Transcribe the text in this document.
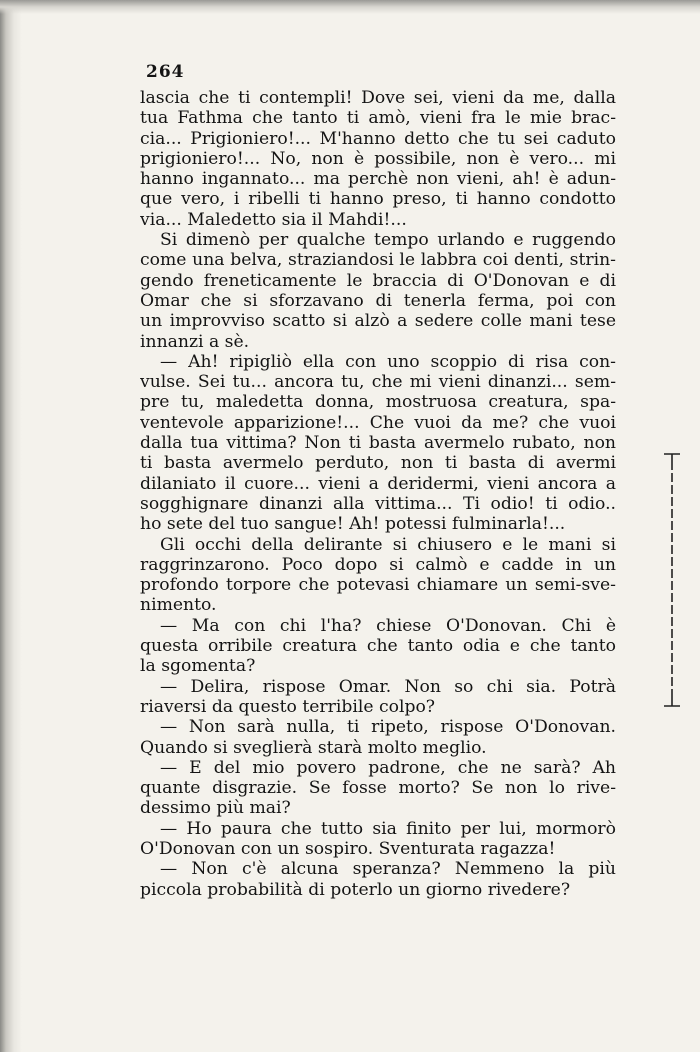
264
lascia che ti contempli! Dove sei, vieni da me, dalla
tua Fathma che tanto ti amò, vieni fra le mie brac-
cia... Prigioniero!... M'hanno detto che tu sei caduto
prigioniero!... No, non è possibile, non è vero... mi
hanno ingannato... ma perchè non vieni, ah! è adun-
que vero, i ribelli ti hanno preso, ti hanno condotto
via... Maledetto sia il Mahdi!...
Si dimenò per qualche tempo urlando e ruggendo
come una belva, straziandosi le labbra coi denti, strin-
gendo freneticamente le braccia di O'Donovan e di
Omar che si sforzavano di tenerla ferma, poi con
un improvviso scatto si alzò a sedere colle mani tese
innanzi a sè.
— Ah! ripigliò ella con uno scoppio di risa con-
vulse. Sei tu... ancora tu, che mi vieni dinanzi... sem-
pre tu, maledetta donna, mostruosa creatura, spa-
ventevole apparizione!... Che vuoi da me? che vuoi
dalla tua vittima? Non ti basta avermelo rubato, non
ti basta avermelo perduto, non ti basta di avermi
dilaniato il cuore... vieni a deridermi, vieni ancora a
sogghignare dinanzi alla vittima... Ti odio! ti odio..
ho sete del tuo sangue! Ah! potessi fulminarla!...
Gli occhi della delirante si chiusero e le mani si
raggrinzarono. Poco dopo si calmò e cadde in un
profondo torpore che potevasi chiamare un semi-sve-
nimento.
— Ma con chi l'ha? chiese O'Donovan. Chi è
questa orribile creatura che tanto odia e che tanto
la sgomenta?
— Delira, rispose Omar. Non so chi sia. Potrà
riaversi da questo terribile colpo?
— Non sarà nulla, ti ripeto, rispose O'Donovan.
Quando si sveglierà starà molto meglio.
— E del mio povero padrone, che ne sarà? Ah
quante disgrazie. Se fosse morto? Se non lo rive-
dessimo più mai?
— Ho paura che tutto sia finito per lui, mormorò
O'Donovan con un sospiro. Sventurata ragazza!
— Non c'è alcuna speranza? Nemmeno la più
piccola probabilità di poterlo un giorno rivedere?
